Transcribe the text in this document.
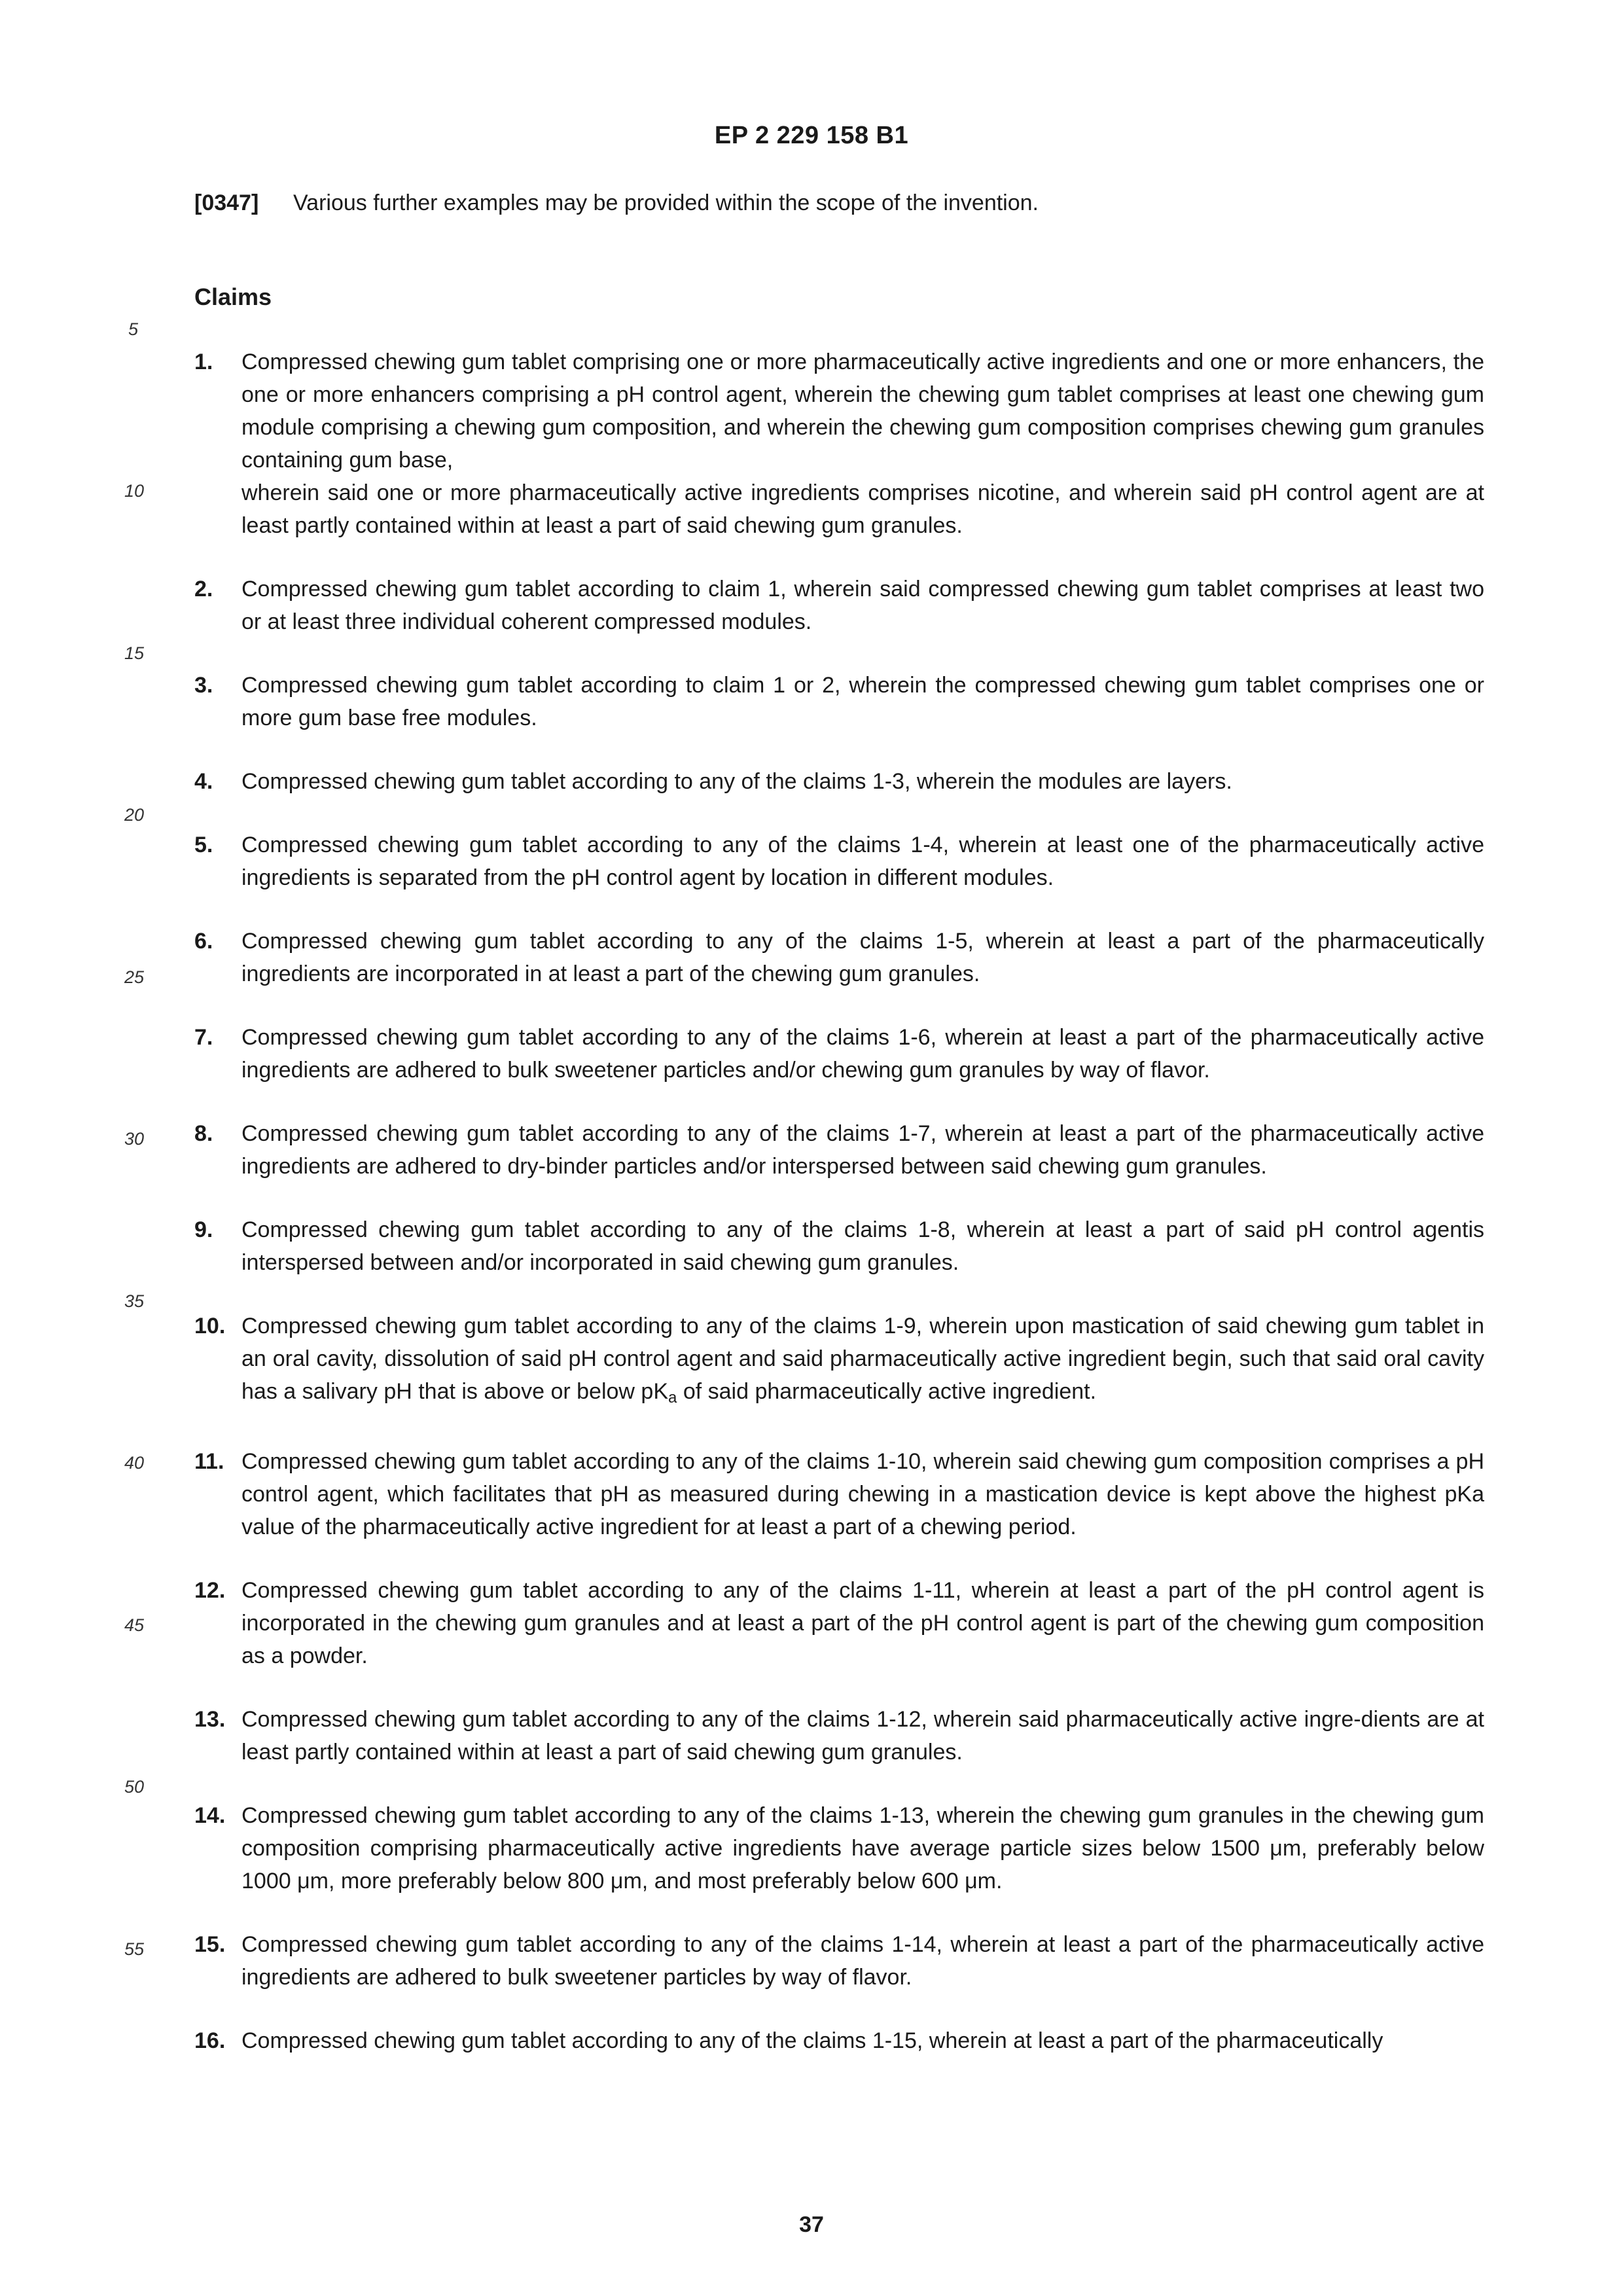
EP 2 229 158 B1
[0347] Various further examples may be provided within the scope of the invention.
Claims
5
10
15
20
25
30
35
40
45
50
55
1. Compressed chewing gum tablet comprising one or more pharmaceutically active ingredients and one or more enhancers, the one or more enhancers comprising a pH control agent, wherein the chewing gum tablet comprises at least one chewing gum module comprising a chewing gum composition, and wherein the chewing gum composition comprises chewing gum granules containing gum base,

wherein said one or more pharmaceutically active ingredients comprises nicotine, and wherein said pH control agent are at least partly contained within at least a part of said chewing gum granules.

2. Compressed chewing gum tablet according to claim 1, wherein said compressed chewing gum tablet comprises at least two or at least three individual coherent compressed modules.

3. Compressed chewing gum tablet according to claim 1 or 2, wherein the compressed chewing gum tablet comprises one or more gum base free modules.

4. Compressed chewing gum tablet according to any of the claims 1-3, wherein the modules are layers.

5. Compressed chewing gum tablet according to any of the claims 1-4, wherein at least one of the pharmaceutically active ingredients is separated from the pH control agent by location in different modules.

6. Compressed chewing gum tablet according to any of the claims 1-5, wherein at least a part of the pharmaceutically ingredients are incorporated in at least a part of the chewing gum granules.

7. Compressed chewing gum tablet according to any of the claims 1-6, wherein at least a part of the pharmaceutically active ingredients are adhered to bulk sweetener particles and/or chewing gum granules by way of flavor.

8. Compressed chewing gum tablet according to any of the claims 1-7, wherein at least a part of the pharmaceutically active ingredients are adhered to dry-binder particles and/or interspersed between said chewing gum granules.

9. Compressed chewing gum tablet according to any of the claims 1-8, wherein at least a part of said pH control agentis interspersed between and/or incorporated in said chewing gum granules.

10. Compressed chewing gum tablet according to any of the claims 1-9, wherein upon mastication of said chewing gum tablet in an oral cavity, dissolution of said pH control agent and said pharmaceutically active ingredient begin, such that said oral cavity has a salivary pH that is above or below $pK_a$ of said pharmaceutically active ingredient.

11. Compressed chewing gum tablet according to any of the claims 1-10, wherein said chewing gum composition comprises a pH control agent, which facilitates that pH as measured during chewing in a mastication device is kept above the highest pKa value of the pharmaceutically active ingredient for at least a part of a chewing period.

12. Compressed chewing gum tablet according to any of the claims 1-11, wherein at least a part of the pH control agent is incorporated in the chewing gum granules and at least a part of the pH control agent is part of the chewing gum composition as a powder.

13. Compressed chewing gum tablet according to any of the claims 1-12, wherein said pharmaceutically active ingre-dients are at least partly contained within at least a part of said chewing gum granules.

14. Compressed chewing gum tablet according to any of the claims 1-13, wherein the chewing gum granules in the chewing gum composition comprising pharmaceutically active ingredients have average particle sizes below 1500 μm, preferably below 1000 μm, more preferably below 800 μm, and most preferably below 600 μm.

15. Compressed chewing gum tablet according to any of the claims 1-14, wherein at least a part of the pharmaceutically active ingredients are adhered to bulk sweetener particles by way of flavor.

16. Compressed chewing gum tablet according to any of the claims 1-15, wherein at least a part of the pharmaceutically

37
